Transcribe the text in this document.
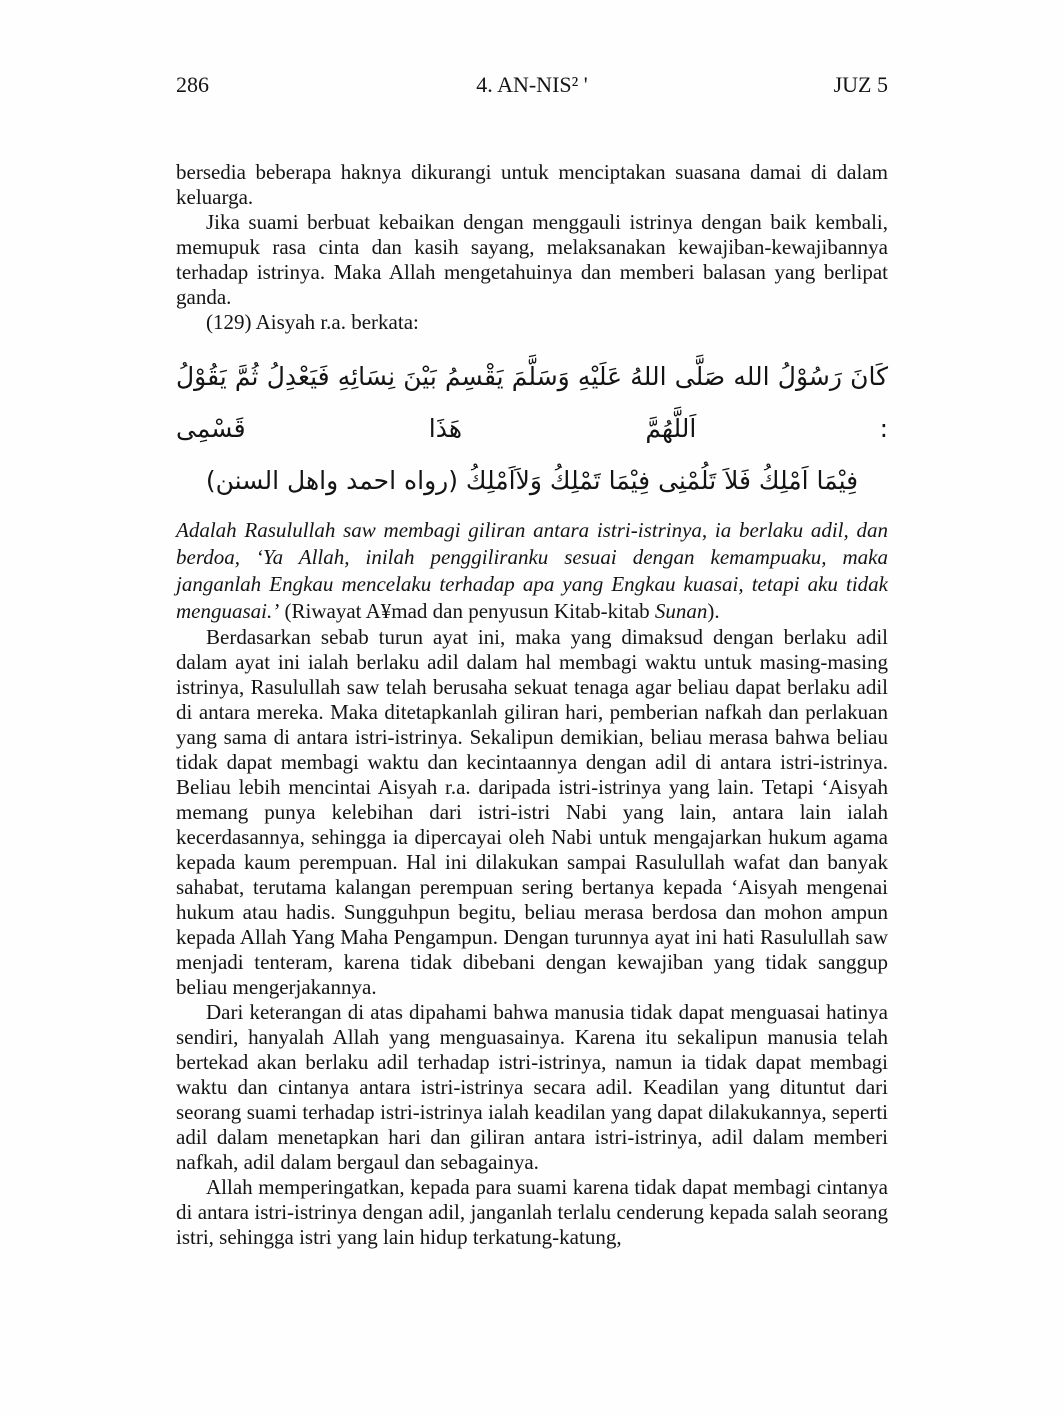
286	4. AN-NIS² '	JUZ 5

bersedia beberapa haknya dikurangi untuk menciptakan suasana damai di dalam keluarga.

Jika suami berbuat kebaikan dengan menggauli istrinya dengan baik kembali, memupuk rasa cinta dan kasih sayang, melaksanakan kewajiban-kewajibannya terhadap istrinya. Maka Allah mengetahuinya dan memberi balasan yang berlipat ganda.

(129) Aisyah r.a. berkata:

كَانَ رَسُوْلُ الله صَلَّى اللهُ عَلَيْهِ وَسَلَّمَ يَقْسِمُ بَيْنَ نِسَائِهِ فَيَعْدِلُ ثُمَّ يَقُوْلُ : اَللَّهُمَّ هَذَا قَسْمِى
فِيْمَا اَمْلِكُ فَلاَ تَلُمْنِى فِيْمَا تَمْلِكُ وَلاَاَمْلِكُ (رواه احمد واهل السنن)

Adalah Rasulullah saw membagi giliran antara istri-istrinya, ia berlaku adil, dan berdoa, ‘Ya Allah, inilah penggiliranku sesuai dengan kemampuaku, maka janganlah Engkau mencelaku terhadap apa yang Engkau kuasai, tetapi aku tidak menguasai.’ (Riwayat A¥mad dan penyusun Kitab-kitab Sunan).

Berdasarkan sebab turun ayat ini, maka yang dimaksud dengan berlaku adil dalam ayat ini ialah berlaku adil dalam hal membagi waktu untuk masing-masing istrinya, Rasulullah saw telah berusaha sekuat tenaga agar beliau dapat berlaku adil di antara mereka. Maka ditetapkanlah giliran hari, pemberian nafkah dan perlakuan yang sama di antara istri-istrinya. Sekalipun demikian, beliau merasa bahwa beliau tidak dapat membagi waktu dan kecintaannya dengan adil di antara istri-istrinya. Beliau lebih mencintai Aisyah r.a. daripada istri-istrinya yang lain. Tetapi ‘Aisyah memang punya kelebihan dari istri-istri Nabi yang lain, antara lain ialah kecerdasannya, sehingga ia dipercayai oleh Nabi untuk mengajarkan hukum agama kepada kaum perempuan. Hal ini dilakukan sampai Rasulullah wafat dan banyak sahabat, terutama kalangan perempuan sering bertanya kepada ‘Aisyah mengenai hukum atau hadis. Sungguhpun begitu, beliau merasa berdosa dan mohon ampun kepada Allah Yang Maha Pengampun. Dengan turunnya ayat ini hati Rasulullah saw menjadi tenteram, karena tidak dibebani dengan kewajiban yang tidak sanggup beliau mengerjakannya.

Dari keterangan di atas dipahami bahwa manusia tidak dapat menguasai hatinya sendiri, hanyalah Allah yang menguasainya. Karena itu sekalipun manusia telah bertekad akan berlaku adil terhadap istri-istrinya, namun ia tidak dapat membagi waktu dan cintanya antara istri-istrinya secara adil. Keadilan yang dituntut dari seorang suami terhadap istri-istrinya ialah keadilan yang dapat dilakukannya, seperti adil dalam menetapkan hari dan giliran antara istri-istrinya, adil dalam memberi nafkah, adil dalam bergaul dan sebagainya.

Allah memperingatkan, kepada para suami karena tidak dapat membagi cintanya di antara istri-istrinya dengan adil, janganlah terlalu cenderung kepada salah seorang istri, sehingga istri yang lain hidup terkatung-katung,
